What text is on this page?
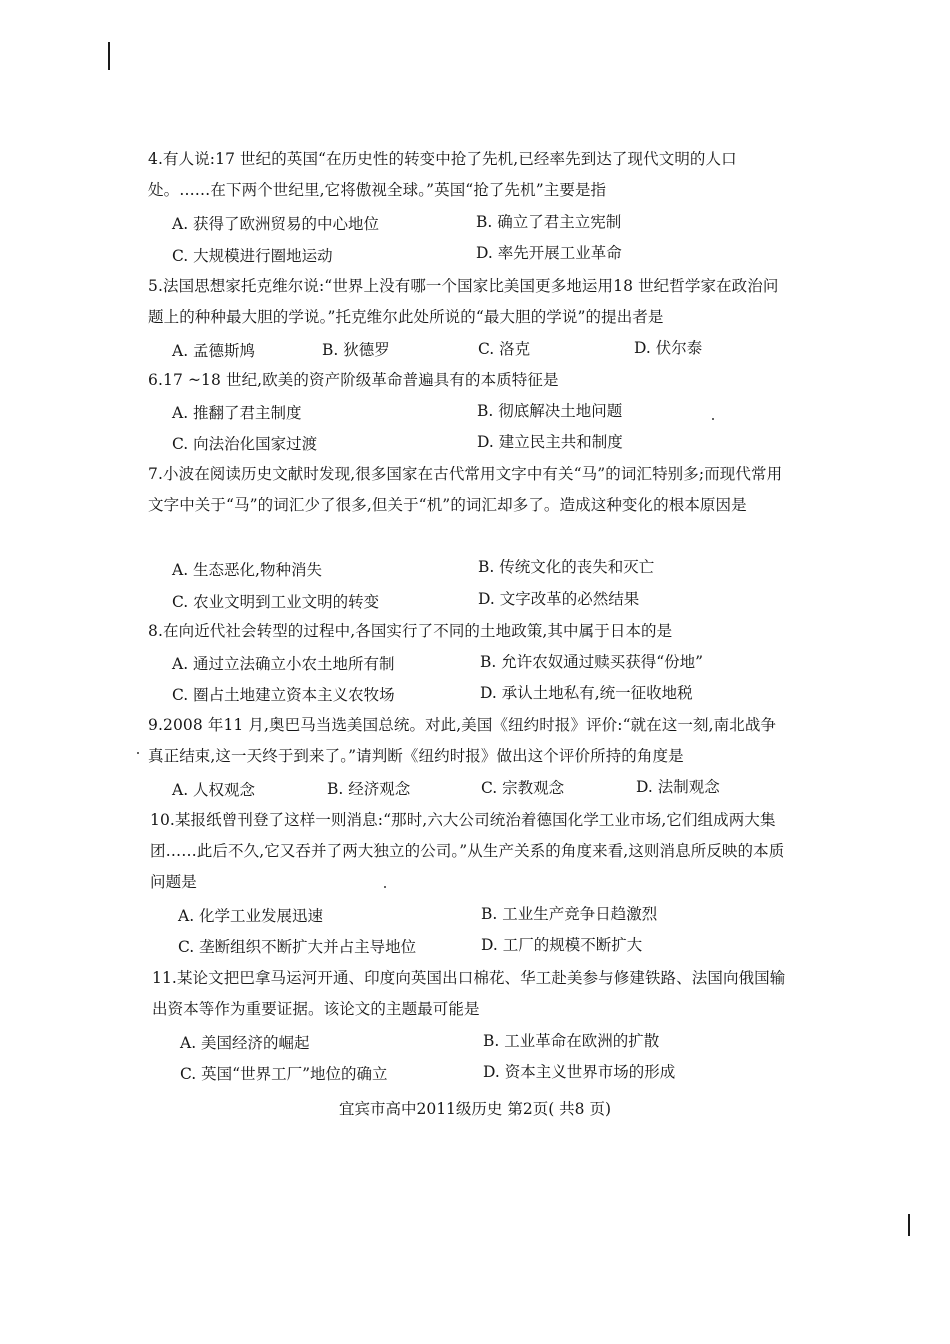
4.有人说:17 世纪的英国“在历史性的转变中抢了先机,已经率先到达了现代文明的人口处。……在下两个世纪里,它将傲视全球。”英国“抢了先机”主要是指
A. 获得了欧洲贸易的中心地位	B. 确立了君主立宪制
C. 大规模进行圈地运动	D. 率先开展工业革命
5.法国思想家托克维尔说:“世界上没有哪一个国家比美国更多地运用18 世纪哲学家在政治问题上的种种最大胆的学说。”托克维尔此处所说的“最大胆的学说”的提出者是
A. 孟德斯鸠	B. 狄德罗	C. 洛克	D. 伏尔泰
6.17 ~18 世纪,欧美的资产阶级革命普遍具有的本质特征是
A. 推翻了君主制度	B. 彻底解决土地问题
C. 向法治化国家过渡	D. 建立民主共和制度
7.小波在阅读历史文献时发现,很多国家在古代常用文字中有关“马”的词汇特别多;而现代常用文字中关于“马”的词汇少了很多,但关于“机”的词汇却多了。造成这种变化的根本原因是
A. 生态恶化,物种消失	B. 传统文化的丧失和灭亡
C. 农业文明到工业文明的转变	D. 文字改革的必然结果
8.在向近代社会转型的过程中,各国实行了不同的土地政策,其中属于日本的是
A. 通过立法确立小农土地所有制	B. 允许农奴通过赎买获得“份地”
C. 圈占土地建立资本主义农牧场	D. 承认土地私有,统一征收地税
9.2008 年11 月,奥巴马当选美国总统。对此,美国《纽约时报》评价:“就在这一刻,南北战争真正结束,这一天终于到来了。”请判断《纽约时报》做出这个评价所持的角度是
A. 人权观念	B. 经济观念	C. 宗教观念	D. 法制观念
10.某报纸曾刊登了这样一则消息:“那时,六大公司统治着德国化学工业市场,它们组成两大集团……此后不久,它又吞并了两大独立的公司。”从生产关系的角度来看,这则消息所反映的本质问题是
A. 化学工业发展迅速	B. 工业生产竞争日趋激烈
C. 垄断组织不断扩大并占主导地位	D. 工厂的规模不断扩大
11.某论文把巴拿马运河开通、印度向英国出口棉花、华工赴美参与修建铁路、法国向俄国输出资本等作为重要证据。该论文的主题最可能是
A. 美国经济的崛起	B. 工业革命在欧洲的扩散
C. 英国“世界工厂”地位的确立	D. 资本主义世界市场的形成
宜宾市高中2011级历史 第2页( 共8 页)
